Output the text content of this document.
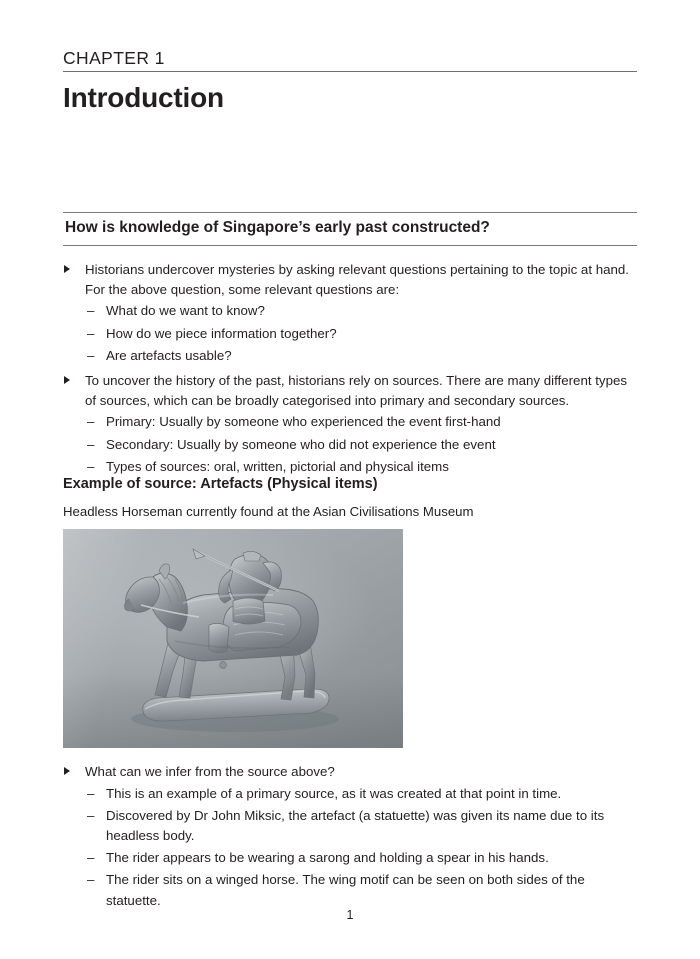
CHAPTER 1
Introduction
How is knowledge of Singapore’s early past constructed?
Historians undercover mysteries by asking relevant questions pertaining to the topic at hand. For the above question, some relevant questions are:
– What do we want to know?
– How do we piece information together?
– Are artefacts usable?
To uncover the history of the past, historians rely on sources. There are many different types of sources, which can be broadly categorised into primary and secondary sources.
– Primary: Usually by someone who experienced the event first-hand
– Secondary: Usually by someone who did not experience the event
– Types of sources: oral, written, pictorial and physical items
Example of source: Artefacts (Physical items)
Headless Horseman currently found at the Asian Civilisations Museum
What can we infer from the source above?
– This is an example of a primary source, as it was created at that point in time.
– Discovered by Dr John Miksic, the artefact (a statuette) was given its name due to its headless body.
– The rider appears to be wearing a sarong and holding a spear in his hands.
– The rider sits on a winged horse. The wing motif can be seen on both sides of the statuette.
1
